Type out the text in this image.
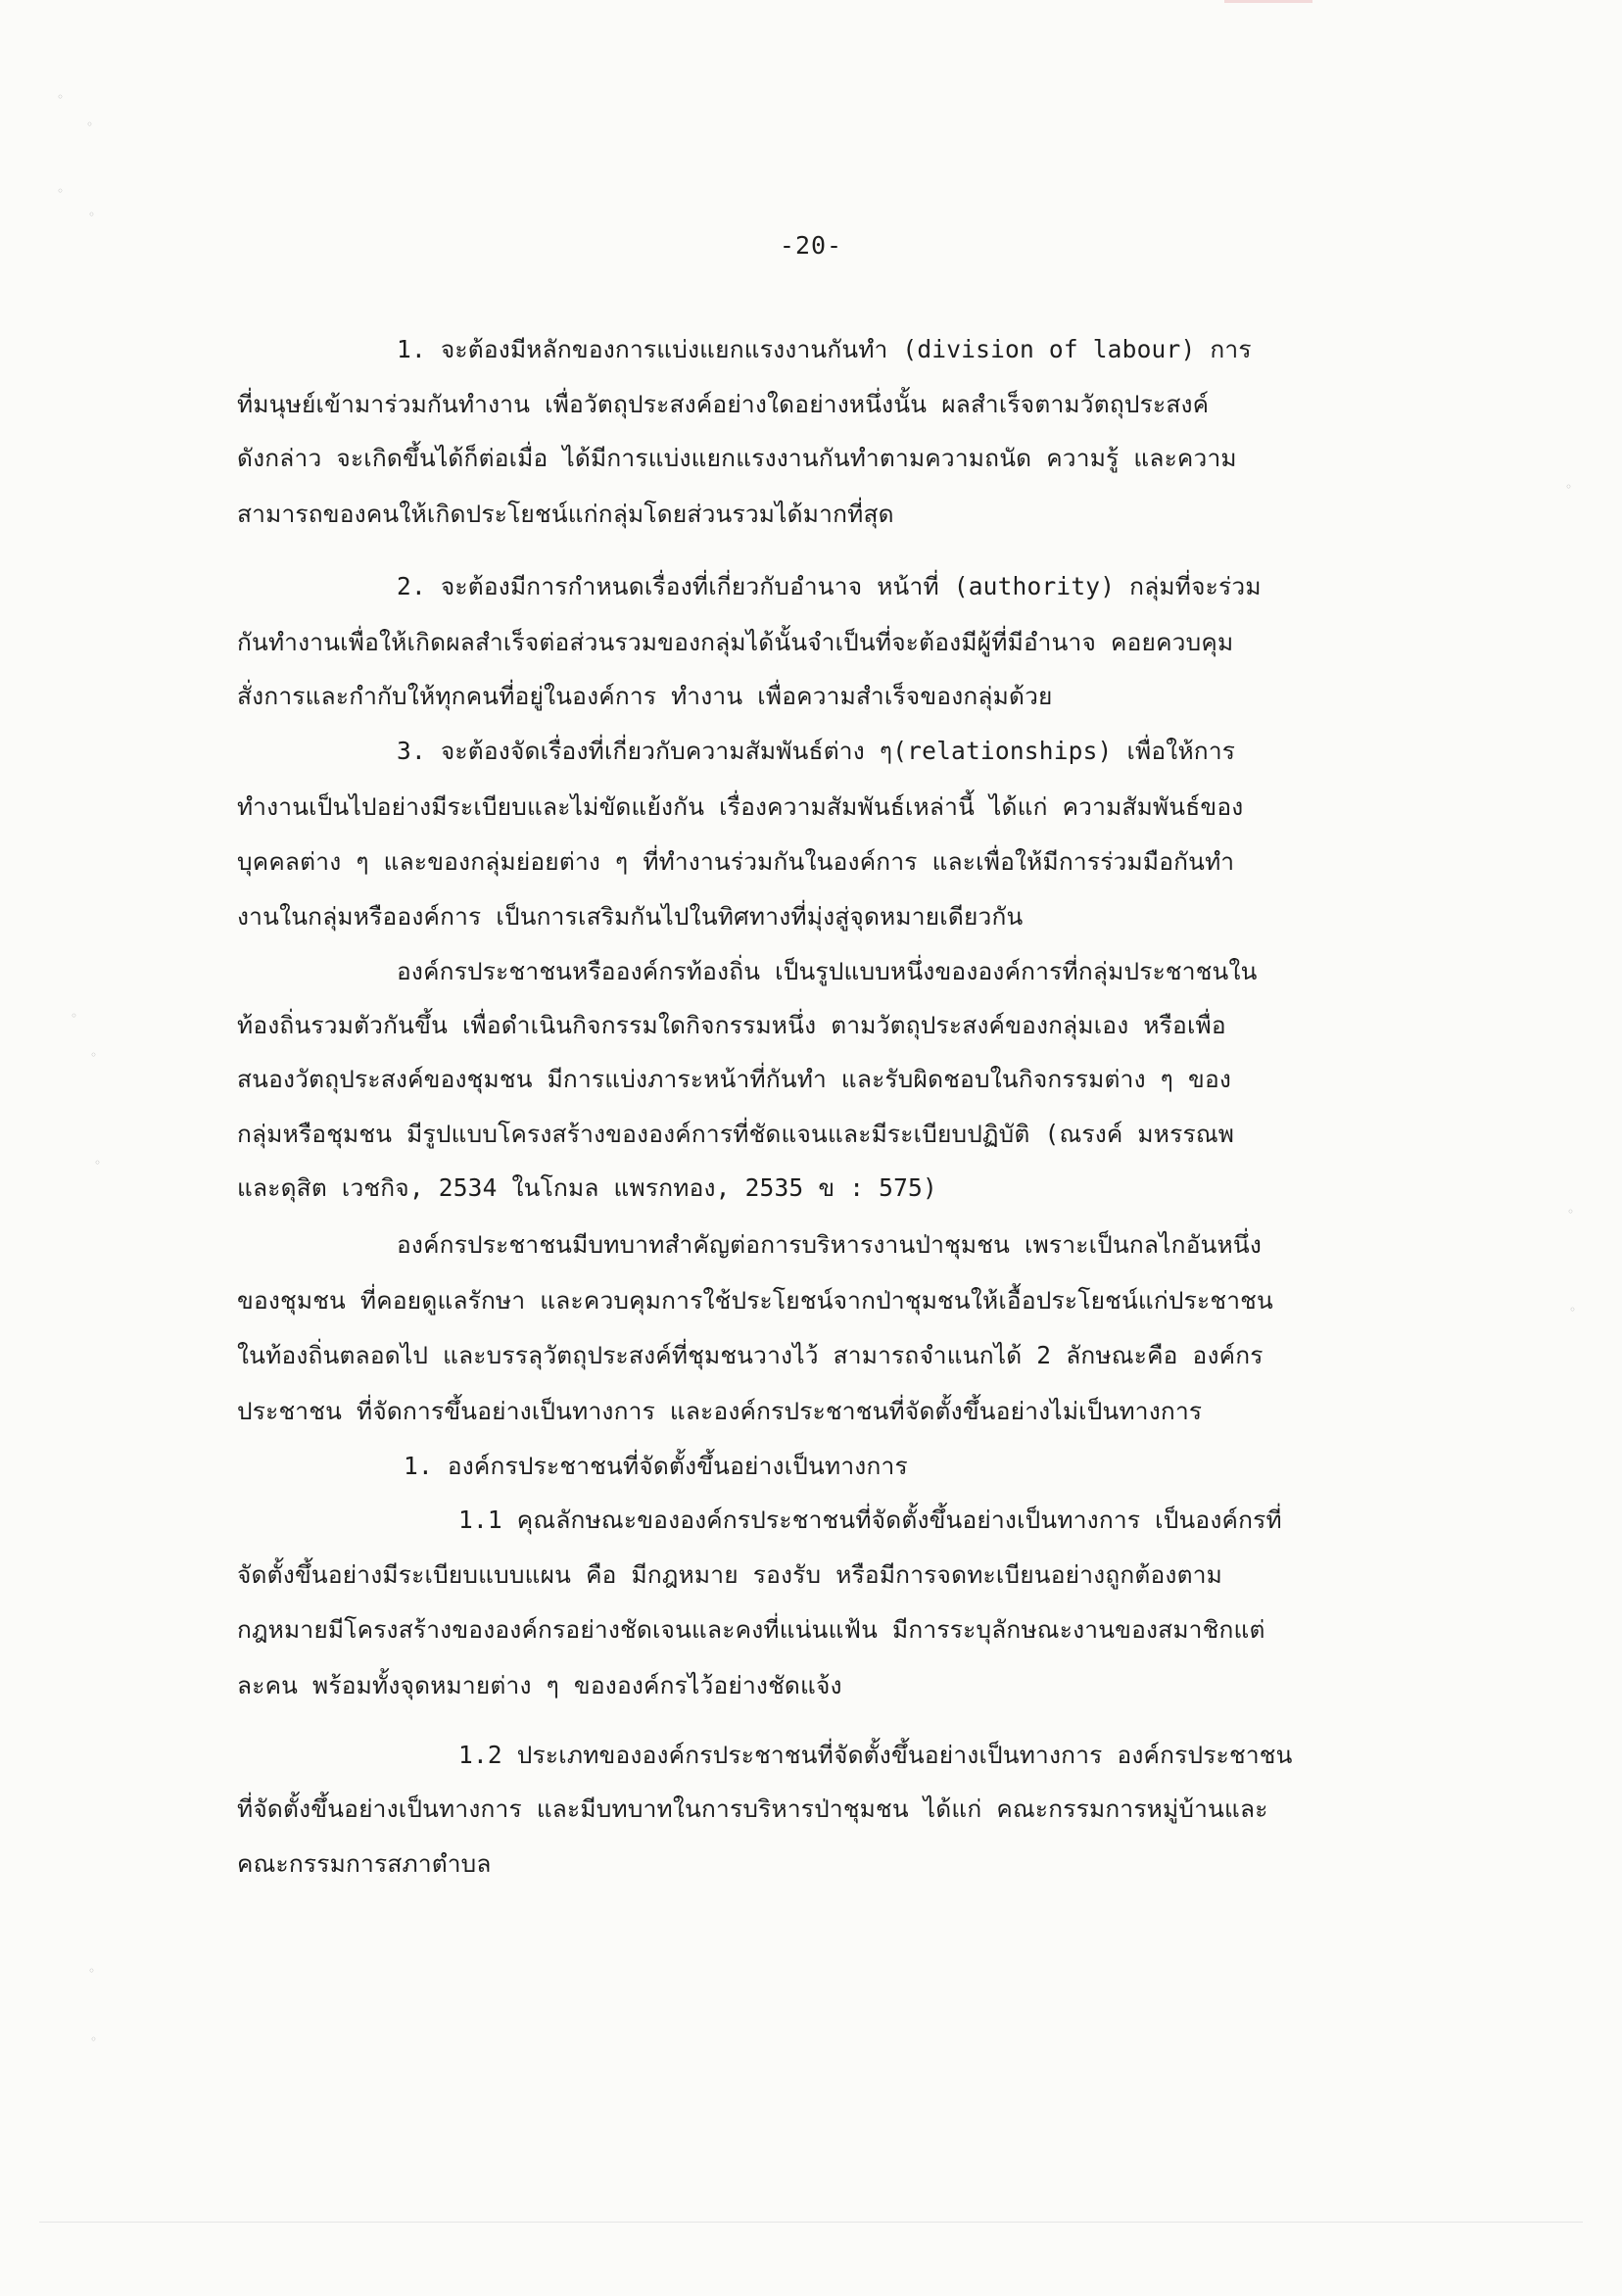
-20-
1. จะต้องมีหลักของการแบ่งแยกแรงงานกันทำ (division of labour) การ
ที่มนุษย์เข้ามาร่วมกันทำงาน เพื่อวัตถุประสงค์อย่างใดอย่างหนึ่งนั้น ผลสำเร็จตามวัตถุประสงค์
ดังกล่าว จะเกิดขึ้นได้ก็ต่อเมื่อ ได้มีการแบ่งแยกแรงงานกันทำตามความถนัด ความรู้ และความ
สามารถของคนให้เกิดประโยชน์แก่กลุ่มโดยส่วนรวมได้มากที่สุด
2. จะต้องมีการกำหนดเรื่องที่เกี่ยวกับอำนาจ หน้าที่ (authority) กลุ่มที่จะร่วม
กันทำงานเพื่อให้เกิดผลสำเร็จต่อส่วนรวมของกลุ่มได้นั้นจำเป็นที่จะต้องมีผู้ที่มีอำนาจ คอยควบคุม
สั่งการและกำกับให้ทุกคนที่อยู่ในองค์การ ทำงาน เพื่อความสำเร็จของกลุ่มด้วย
3. จะต้องจัดเรื่องที่เกี่ยวกับความสัมพันธ์ต่าง ๆ(relationships) เพื่อให้การ
ทำงานเป็นไปอย่างมีระเบียบและไม่ขัดแย้งกัน เรื่องความสัมพันธ์เหล่านี้ ได้แก่ ความสัมพันธ์ของ
บุคคลต่าง ๆ และของกลุ่มย่อยต่าง ๆ ที่ทำงานร่วมกันในองค์การ และเพื่อให้มีการร่วมมือกันทำ
งานในกลุ่มหรือองค์การ เป็นการเสริมกันไปในทิศทางที่มุ่งสู่จุดหมายเดียวกัน
องค์กรประชาชนหรือองค์กรท้องถิ่น เป็นรูปแบบหนึ่งขององค์การที่กลุ่มประชาชนใน
ท้องถิ่นรวมตัวกันขึ้น เพื่อดำเนินกิจกรรมใดกิจกรรมหนึ่ง ตามวัตถุประสงค์ของกลุ่มเอง หรือเพื่อ
สนองวัตถุประสงค์ของชุมชน มีการแบ่งภาระหน้าที่กันทำ และรับผิดชอบในกิจกรรมต่าง ๆ ของ
กลุ่มหรือชุมชน มีรูปแบบโครงสร้างขององค์การที่ชัดแจนและมีระเบียบปฏิบัติ (ณรงค์ มหรรณพ
และดุสิต เวชกิจ, 2534 ในโกมล แพรกทอง, 2535 ข : 575)
องค์กรประชาชนมีบทบาทสำคัญต่อการบริหารงานป่าชุมชน เพราะเป็นกลไกอันหนึ่ง
ของชุมชน ที่คอยดูแลรักษา และควบคุมการใช้ประโยชน์จากป่าชุมชนให้เอื้อประโยชน์แก่ประชาชน
ในท้องถิ่นตลอดไป และบรรลุวัตถุประสงค์ที่ชุมชนวางไว้ สามารถจำแนกได้ 2 ลักษณะคือ องค์กร
ประชาชน ที่จัดการขึ้นอย่างเป็นทางการ และองค์กรประชาชนที่จัดตั้งขึ้นอย่างไม่เป็นทางการ
1. องค์กรประชาชนที่จัดตั้งขึ้นอย่างเป็นทางการ
1.1 คุณลักษณะขององค์กรประชาชนที่จัดตั้งขึ้นอย่างเป็นทางการ เป็นองค์กรที่
จัดตั้งขึ้นอย่างมีระเบียบแบบแผน คือ มีกฎหมาย รองรับ หรือมีการจดทะเบียนอย่างถูกต้องตาม
กฎหมายมีโครงสร้างขององค์กรอย่างชัดเจนและคงที่แน่นแฟ้น มีการระบุลักษณะงานของสมาชิกแต่
ละคน พร้อมทั้งจุดหมายต่าง ๆ ขององค์กรไว้อย่างชัดแจ้ง
1.2 ประเภทขององค์กรประชาชนที่จัดตั้งขึ้นอย่างเป็นทางการ องค์กรประชาชน
ที่จัดตั้งขึ้นอย่างเป็นทางการ และมีบทบาทในการบริหารป่าชุมชน ได้แก่ คณะกรรมการหมู่บ้านและ
คณะกรรมการสภาตำบล
◦
◦
◦
◦
◦
◦
◦
◦
◦
◦
◦
◦
